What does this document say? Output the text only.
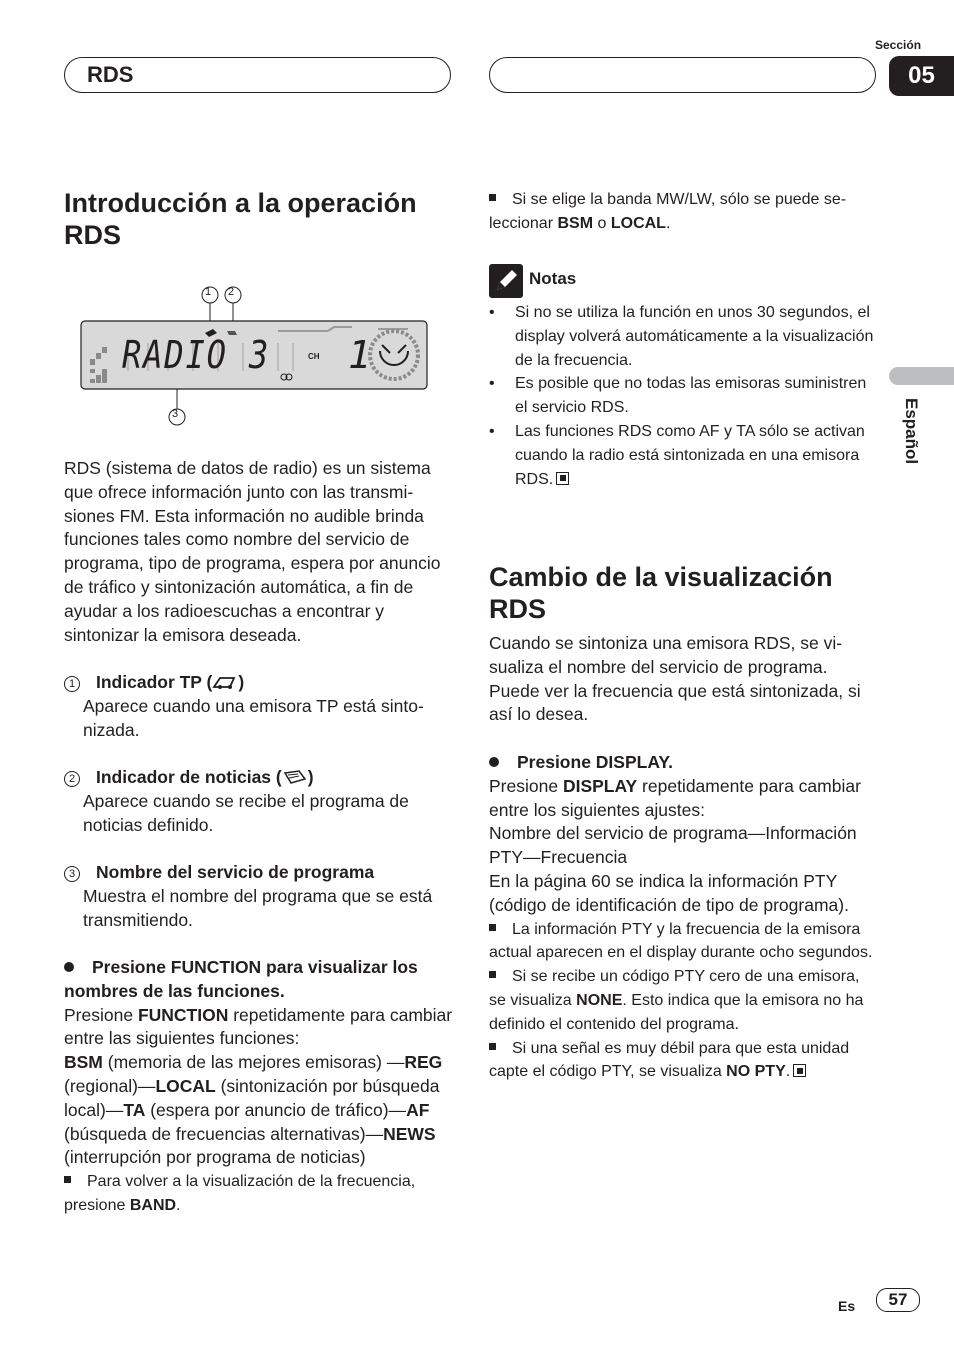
RDS
Sección
05
Español
Introducción a la operación RDS
CH
1 2
3
RADIO 3 1
RDS (sistema de datos de radio) es un sistema que ofrece información junto con las transmisiones FM. Esta información no audible brinda funciones tales como nombre del servicio de programa, tipo de programa, espera por anuncio de tráfico y sintonización automática, a fin de ayudar a los radioescuchas a encontrar y sintonizar la emisora deseada.
1 Indicador TP ( )
Aparece cuando una emisora TP está sintonizada.
2 Indicador de noticias ( )
Aparece cuando se recibe el programa de noticias definido.
3 Nombre del servicio de programa
Muestra el nombre del programa que se está transmitiendo.
Presione FUNCTION para visualizar los nombres de las funciones.
Presione FUNCTION repetidamente para cambiar entre las siguientes funciones:
BSM (memoria de las mejores emisoras) —REG (regional)—LOCAL (sintonización por búsqueda local)—TA (espera por anuncio de tráfico)—AF (búsqueda de frecuencias alternativas)—NEWS (interrupción por programa de noticias)
Para volver a la visualización de la frecuencia, presione BAND.
Si se elige la banda MW/LW, sólo se puede seleccionar BSM o LOCAL.
Notas
• Si no se utiliza la función en unos 30 segundos, el display volverá automáticamente a la visualización de la frecuencia.
• Es posible que no todas las emisoras suministren el servicio RDS.
• Las funciones RDS como AF y TA sólo se activan cuando la radio está sintonizada en una emisora RDS.
Cambio de la visualización RDS
Cuando se sintoniza una emisora RDS, se visualiza el nombre del servicio de programa. Puede ver la frecuencia que está sintonizada, si así lo desea.
Presione DISPLAY.
Presione DISPLAY repetidamente para cambiar entre los siguientes ajustes:
Nombre del servicio de programa—Información PTY—Frecuencia
En la página 60 se indica la información PTY (código de identificación de tipo de programa).
La información PTY y la frecuencia de la emisora actual aparecen en el display durante ocho segundos.
Si se recibe un código PTY cero de una emisora, se visualiza NONE. Esto indica que la emisora no ha definido el contenido del programa.
Si una señal es muy débil para que esta unidad capte el código PTY, se visualiza NO PTY.
Es	57
